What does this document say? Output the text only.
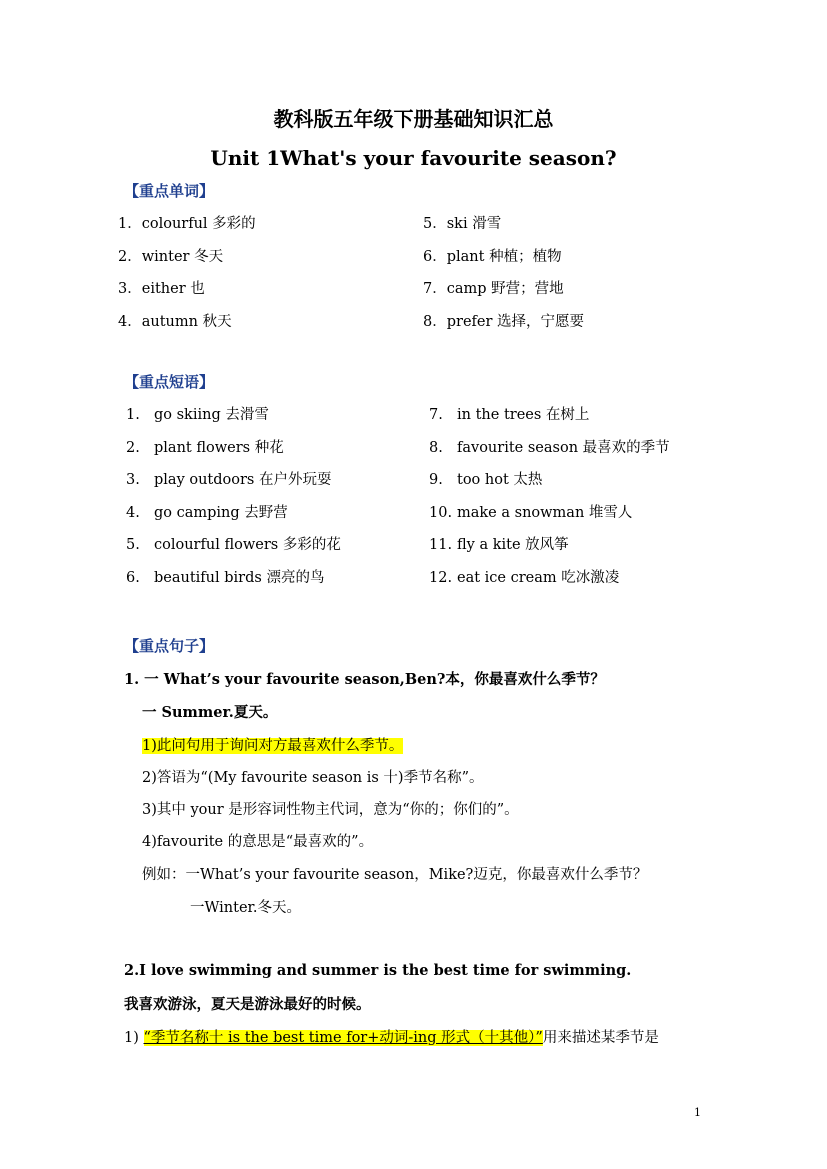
教科版五年级下册基础知识汇总
Unit 1What's your favourite season?
【重点单词】
1．colourful 多彩的
2．winter 冬天
3．either 也
4．autumn 秋天
5．ski 滑雪
6．plant 种植；植物
7．camp 野营；营地
8．prefer 选择，宁愿要
【重点短语】
1. go skiing 去滑雪
2. plant flowers 种花
3. play outdoors 在户外玩耍
4. go camping 去野营
5. colourful flowers 多彩的花
6. beautiful birds 漂亮的鸟
7. in the trees 在树上
8. favourite season 最喜欢的季节
9. too hot 太热
10. make a snowman 堆雪人
11. fly a kite 放风筝
12. eat ice cream 吃冰激凌
【重点句子】
1. 一 What’s your favourite season,Ben?本，你最喜欢什么季节？
一 Summer.夏天。
1)此问句用于询问对方最喜欢什么季节。
2)答语为“(My favourite season is 十)季节名称”。
3)其中 your 是形容词性物主代词，意为“你的；你们的”。
4)favourite 的意思是“最喜欢的”。
例如：一What’s your favourite season，Mike?迈克，你最喜欢什么季节？
一Winter.冬天。
2.I love swimming and summer is the best time for swimming.
我喜欢游泳，夏天是游泳最好的时候。
1) “季节名称十 is the best time for+动词-ing 形式（十其他）”用来描述某季节是
1
